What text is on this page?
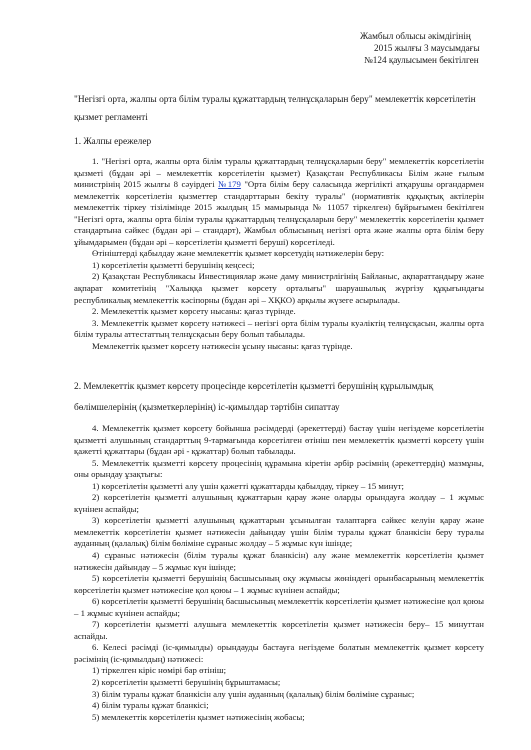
Жамбыл облысы әкімдігінің
2015 жылғы 3 маусымдағы
№124 қаулысымен бекітілген
"Негізгі орта, жалпы орта білім туралы құжаттардың телнұсқаларын беру" мемлекеттік көрсетілетін қызмет регламенті
1. Жалпы ережелер

1. "Негізгі орта, жалпы орта білім туралы құжаттардың телнұсқаларын беру" мемлекеттік көрсетілетін қызметі (бұдан әрі – мемлекеттік көрсетілетін қызмет) Қазақстан Республикасы Білім және ғылым министрінің 2015 жылғы 8 сәуірдегі №179 "Орта білім беру саласында жергілікті атқарушы органдармен мемлекеттік көрсетілетін қызметтер стандарттарын бекіту туралы" (нормативтік құқықтық актілерін мемлекеттік тіркеу тізілімінде 2015 жылдың 15 мамырында № 11057 тіркелген) бұйрығымен бекітілген "Негізгі орта, жалпы орта білім туралы құжаттардың телнұсқаларын беру" мемлекеттік көрсетілетін қызмет стандартына сәйкес (бұдан әрі – стандарт), Жамбыл облысының негізгі орта және жалпы орта білім беру ұйымдарымен (бұдан әрі – көрсетілетін қызметті беруші) көрсетіледі.

Өтініштерді қабылдау және мемлекеттік қызмет көрсетудің нәтижелерін беру:

1) көрсетілетін қызметті берушінің кеңсесі;

2) Қазақстан Республикасы Инвестициялар және даму министрлігінің Байланыс, ақпараттандыру және ақпарат комитетінің "Халыққа қызмет көрсету орталығы" шаруашылық жүргізу құқығындағы республикалық мемлекеттік кәсіпорны (бұдан әрі – ХҚКО) арқылы жүзеге асырылады.

2. Мемлекеттік қызмет көрсету нысаны: қағаз түрінде.

3. Мемлекеттік қызмет көрсету нәтижесі – негізгі орта білім туралы куәліктің телнұсқасын, жалпы орта білім туралы аттестаттың телнұсқасын беру болып табылады.

Мемлекеттік қызмет көрсету нәтижесін ұсыну нысаны: қағаз түрінде.

2. Мемлекеттік қызмет көрсету процесінде көрсетілетін қызметті берушінің құрылымдық
бөлімшелерінің (қызметкерлерінің) іс-қимылдар тәртібін сипаттау

4. Мемлекеттік қызмет көрсету бойынша рәсімдерді (әрекеттерді) бастау үшін негіздеме көрсетілетін қызметті алушының стандарттың 9-тармағында көрсетілген өтініш пен мемлекеттік қызметті көрсету үшін қажетті құжаттары (бұдан әрі - құжаттар) болып табылады.

5. Мемлекеттік қызметті көрсету процесінің құрамына кіретін әрбір рәсімнің (әрекеттердің) мазмұны, оны орындау ұзақтығы:

1) көрсетілетін қызметті алу үшін қажетті құжаттарды қабылдау, тіркеу – 15 минут;

2) көрсетілетін қызметті алушының құжаттарын қарау және оларды орындауға жолдау – 1 жұмыс күнінен аспайды;

3) көрсетілетін қызметті алушының құжаттарын ұсынылған талаптарға сәйкес келуін қарау және мемлекеттік көрсетілетін қызмет нәтижесін дайындау үшін білім туралы құжат бланкісін беру туралы ауданның (қалалық) білім бөліміне сұраныс жолдау – 5 жұмыс күн ішінде;

4) сұраныс нәтижесін (білім туралы құжат бланкісін) алу және мемлекеттік көрсетілетін қызмет нәтижесін дайындау – 5 жұмыс күн ішінде;

5) көрсетілетін қызметті берушінің басшысының оқу жұмысы жөніндегі орынбасарының мемлекеттік көрсетілетін қызмет нәтижесіне қол қоюы – 1 жұмыс күнінен аспайды;

6) көрсетілетін қызметті берушінің басшысының мемлекеттік көрсетілетін қызмет нәтижесіне қол қоюы – 1 жұмыс күнінен аспайды;

7) көрсетілетін қызметті алушыға мемлекеттік көрсетілетін қызмет нәтижесін беру– 15 минуттан аспайды.

6. Келесі рәсімді (іс-қимылды) орындауды бастауға негіздеме болатын мемлекеттік қызмет көрсету рәсімінің (іс-қимылдың) нәтижесі:

1) тіркелген кіріс нөмірі бар өтініш;

2) көрсетілетін қызметті берушінің бұрыштамасы;

3) білім туралы құжат бланкісін алу үшін ауданның (қалалық) білім бөліміне сұраныс;

4) білім туралы құжат бланкісі;

5) мемлекеттік көрсетілетін қызмет нәтижесінің жобасы;
